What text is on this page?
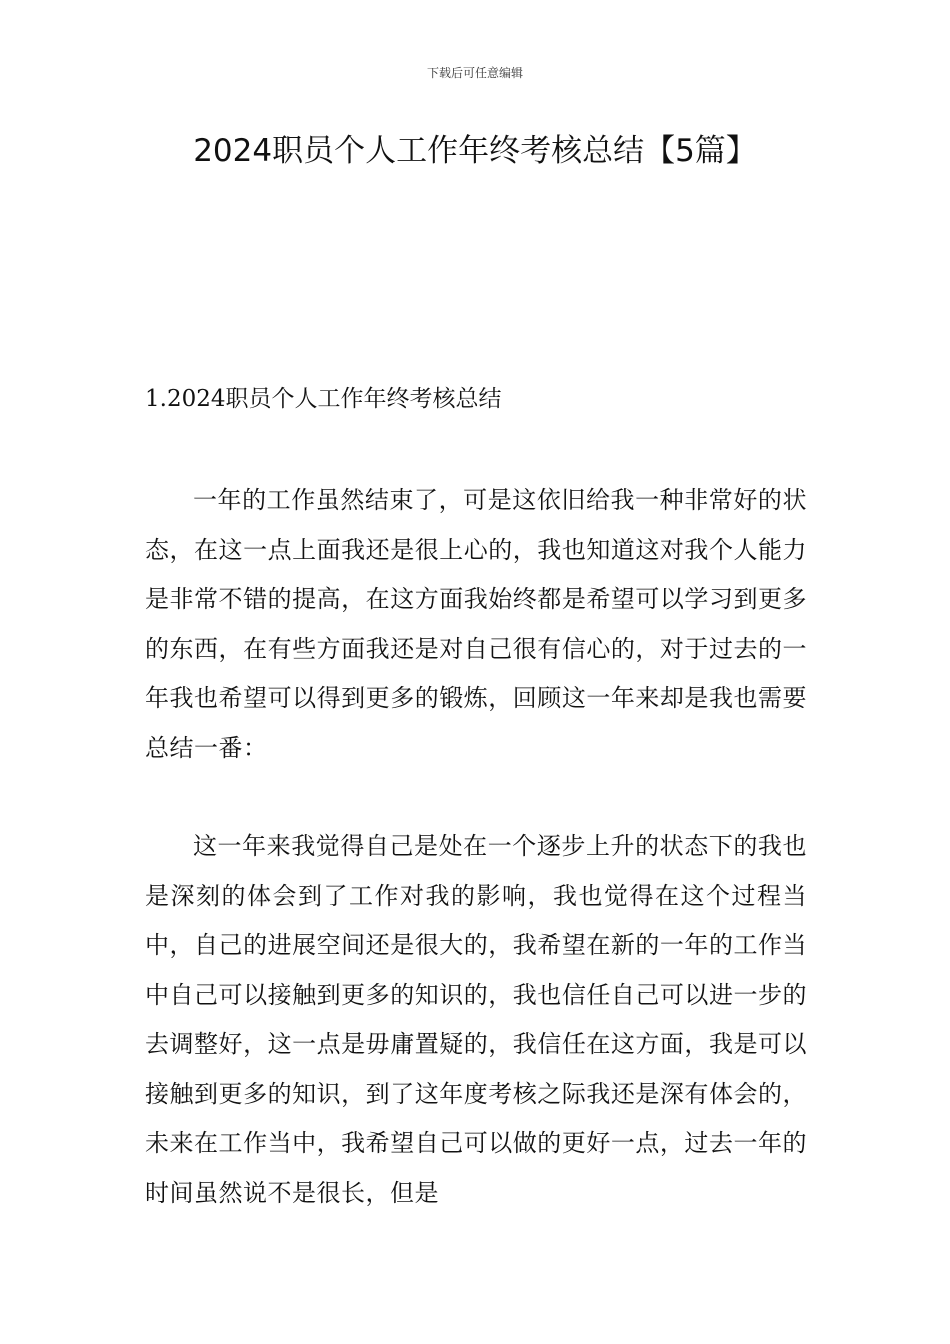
下载后可任意编辑
2024职员个人工作年终考核总结【5篇】
1.2024职员个人工作年终考核总结

一年的工作虽然结束了，可是这依旧给我一种非常好的状态，在这一点上面我还是很上心的，我也知道这对我个人能力是非常不错的提高，在这方面我始终都是希望可以学习到更多的东西，在有些方面我还是对自己很有信心的，对于过去的一年我也希望可以得到更多的锻炼，回顾这一年来却是我也需要总结一番：

这一年来我觉得自己是处在一个逐步上升的状态下的我也是深刻的体会到了工作对我的影响，我也觉得在这个过程当中，自己的进展空间还是很大的，我希望在新的一年的工作当中自己可以接触到更多的知识的，我也信任自己可以进一步的去调整好，这一点是毋庸置疑的，我信任在这方面，我是可以接触到更多的知识，到了这年度考核之际我还是深有体会的，未来在工作当中，我希望自己可以做的更好一点，过去一年的时间虽然说不是很长，但是
